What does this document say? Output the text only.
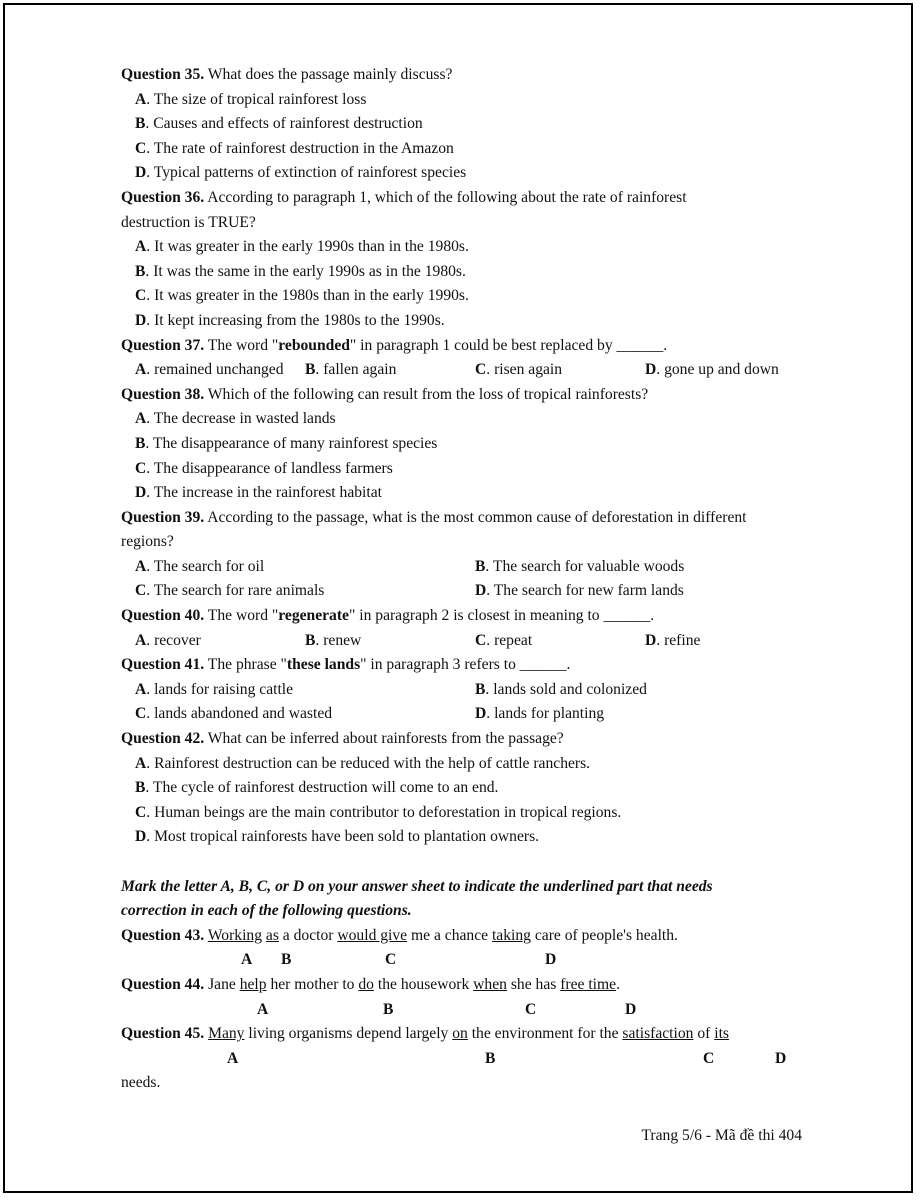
Question 35. What does the passage mainly discuss?
A. The size of tropical rainforest loss
B. Causes and effects of rainforest destruction
C. The rate of rainforest destruction in the Amazon
D. Typical patterns of extinction of rainforest species
Question 36. According to paragraph 1, which of the following about the rate of rainforest
destruction is TRUE?
A. It was greater in the early 1990s than in the 1980s.
B. It was the same in the early 1990s as in the 1980s.
C. It was greater in the 1980s than in the early 1990s.
D. It kept increasing from the 1980s to the 1990s.
Question 37. The word "rebounded" in paragraph 1 could be best replaced by ______.
A. remained unchanged B. fallen again	C. risen again	D. gone up and down
Question 38. Which of the following can result from the loss of tropical rainforests?
A. The decrease in wasted lands
B. The disappearance of many rainforest species
C. The disappearance of landless farmers
D. The increase in the rainforest habitat
Question 39. According to the passage, what is the most common cause of deforestation in different
regions?
A. The search for oil	B. The search for valuable woods
C. The search for rare animals	D. The search for new farm lands
Question 40. The word "regenerate" in paragraph 2 is closest in meaning to ______.
A. recover	B. renew	C. repeat	D. refine
Question 41. The phrase "these lands" in paragraph 3 refers to ______.
A. lands for raising cattle	B. lands sold and colonized
C. lands abandoned and wasted	D. lands for planting
Question 42. What can be inferred about rainforests from the passage?
A. Rainforest destruction can be reduced with the help of cattle ranchers.
B. The cycle of rainforest destruction will come to an end.
C. Human beings are the main contributor to deforestation in tropical regions.
D. Most tropical rainforests have been sold to plantation owners.
Mark the letter A, B, C, or D on your answer sheet to indicate the underlined part that needs
correction in each of the following questions.
Question 43. Working as a doctor would give me a chance taking care of people's health.
A B	C	D
Question 44. Jane help her mother to do the housework when she has free time.
A	B	C	D
Question 45. Many living organisms depend largely on the environment for the satisfaction of its
A	B	C	D
needs.
Trang 5/6 - Mã đề thi 404
